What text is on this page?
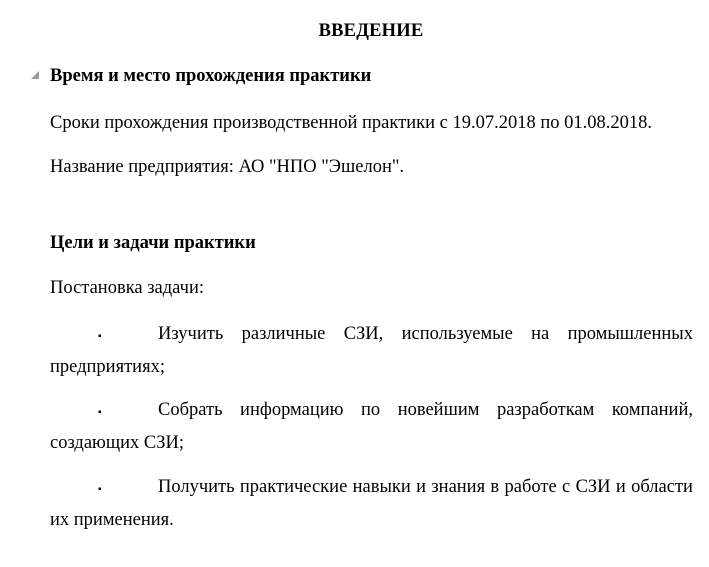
ВВЕДЕНИЕ
Время и место прохождения практики
Сроки прохождения производственной практики с 19.07.2018 по 01.08.2018.
Название предприятия: АО "НПО "Эшелон".
Цели и задачи практики
Постановка задачи:
▪	Изучить различные СЗИ, используемые на промышленных
предприятиях;
▪	Собрать информацию по новейшим разработкам компаний,
создающих СЗИ;
▪	Получить практические навыки и знания в работе с СЗИ и области
их применения.
